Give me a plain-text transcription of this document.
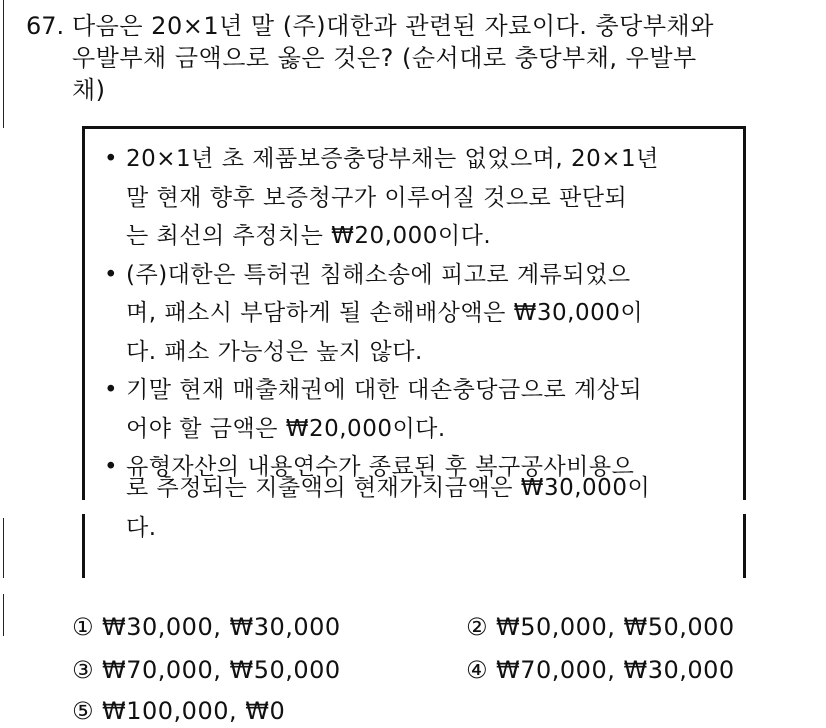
67. 다음은 20×1년 말 (주)대한과 관련된 자료이다. 충당부채와
우발부채 금액으로 옳은 것은? (순서대로 충당부채, 우발부
채)
• 20×1년 초 제품보증충당부채는 없었으며, 20×1년
말 현재 향후 보증청구가 이루어질 것으로 판단되
는 최선의 추정치는 ₩20,000이다.
• (주)대한은 특허권 침해소송에 피고로 계류되었으
며, 패소시 부담하게 될 손해배상액은 ₩30,000이
다. 패소 가능성은 높지 않다.
• 기말 현재 매출채권에 대한 대손충당금으로 계상되
어야 할 금액은 ₩20,000이다.
• 유형자산의 내용연수가 종료된 후 복구공사비용으
로 추정되는 지출액의 현재가치금액은 ₩30,000이
다.
① ₩30,000, ₩30,000	② ₩50,000, ₩50,000
③ ₩70,000, ₩50,000	④ ₩70,000, ₩30,000
⑤ ₩100,000, ₩0
